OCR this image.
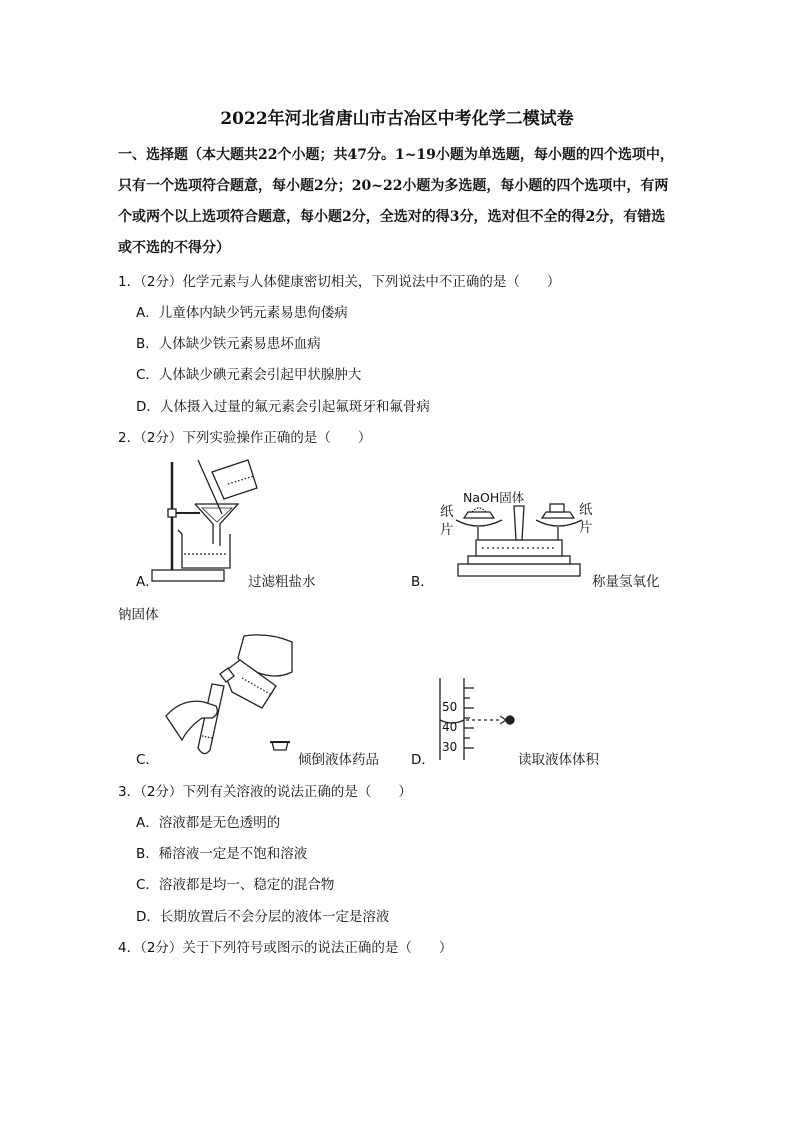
2022年河北省唐山市古冶区中考化学二模试卷
一、选择题（本大题共22个小题；共47分。1~19小题为单选题，每小题的四个选项中，只有一个选项符合题意，每小题2分；20~22小题为多选题，每小题的四个选项中，有两个或两个以上选项符合题意，每小题2分，全选对的得3分，选对但不全的得2分，有错选或不选的不得分）
1．（2分）化学元素与人体健康密切相关，下列说法中不正确的是（　　）
A．儿童体内缺少钙元素易患佝偻病
B．人体缺少铁元素易患坏血病
C．人体缺少碘元素会引起甲状腺肿大
D．人体摄入过量的氟元素会引起氟斑牙和氟骨病
2．（2分）下列实验操作正确的是（　　）
A．	过滤粗盐水
NaOH固体
纸
片
纸
片
B．	称量氢氧化
钠固体
C．	倾倒液体药品
50
40
30
D．	读取液体体积
3．（2分）下列有关溶液的说法正确的是（　　）
A．溶液都是无色透明的
B．稀溶液一定是不饱和溶液
C．溶液都是均一、稳定的混合物
D．长期放置后不会分层的液体一定是溶液
4．（2分）关于下列符号或图示的说法正确的是（　　）
